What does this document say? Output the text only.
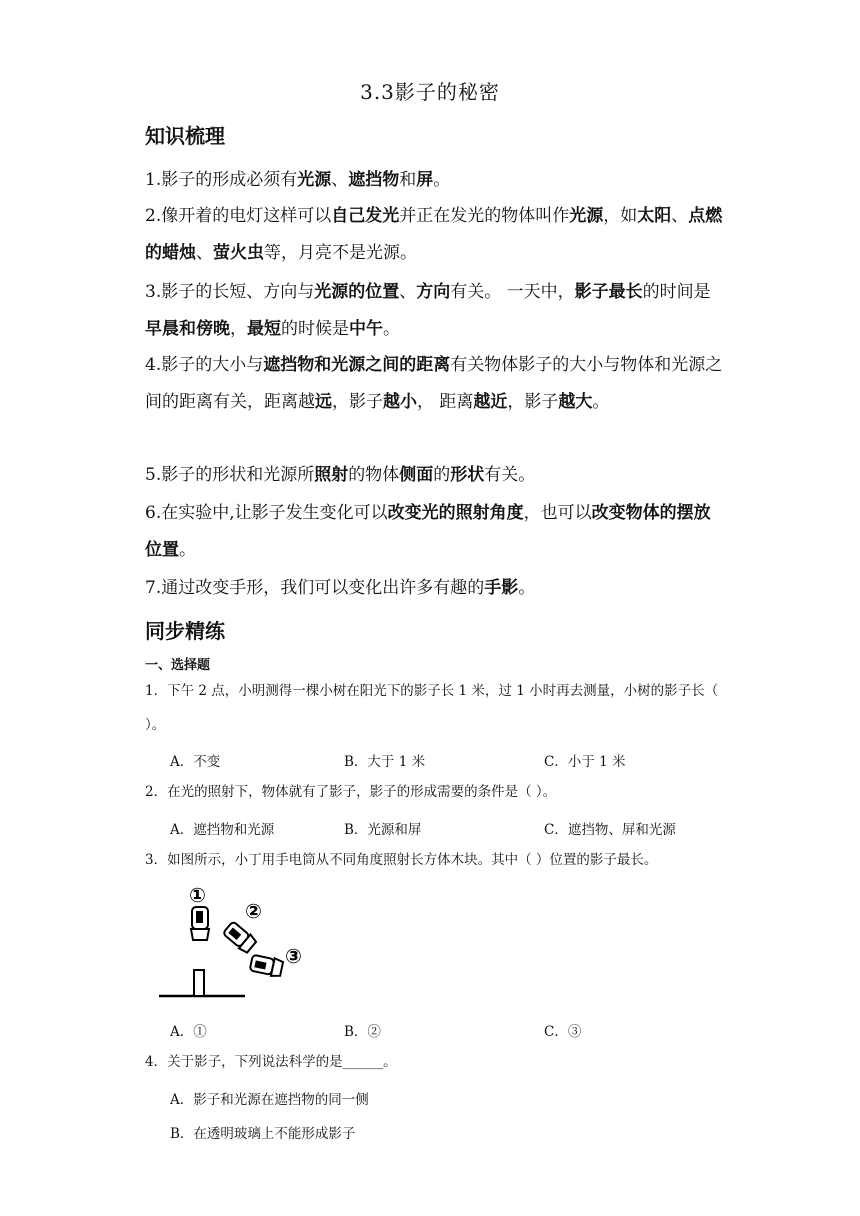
3.3影子的秘密
知识梳理
1.影子的形成必须有光源、遮挡物和屏。
2.像开着的电灯这样可以自己发光并正在发光的物体叫作光源，如太阳、点燃的蜡烛、萤火虫等，月亮不是光源。
3.影子的长短、方向与光源的位置、方向有关。 一天中，影子最长的时间是早晨和傍晚，最短的时候是中午。
4.影子的大小与遮挡物和光源之间的距离有关物体影子的大小与物体和光源之间的距离有关，距离越远，影子越小， 距离越近，影子越大。
5.影子的形状和光源所照射的物体侧面的形状有关。
6.在实验中,让影子发生变化可以改变光的照射角度，也可以改变物体的摆放位置。
7.通过改变手形，我们可以变化出许多有趣的手影。
同步精练
一、选择题
1．下午 2 点，小明测得一棵小树在阳光下的影子长 1 米，过 1 小时再去测量，小树的影子长（ ）。
A．不变	B．大于 1 米	C．小于 1 米
2．在光的照射下，物体就有了影子，影子的形成需要的条件是（ ）。
A．遮挡物和光源	B．光源和屏	C．遮挡物、屏和光源
3．如图所示，小丁用手电筒从不同角度照射长方体木块。其中（ ）位置的影子最长。
①
②
③
A．①	B．②	C．③
4．关于影子，下列说法科学的是______。
A．影子和光源在遮挡物的同一侧
B．在透明玻璃上不能形成影子
